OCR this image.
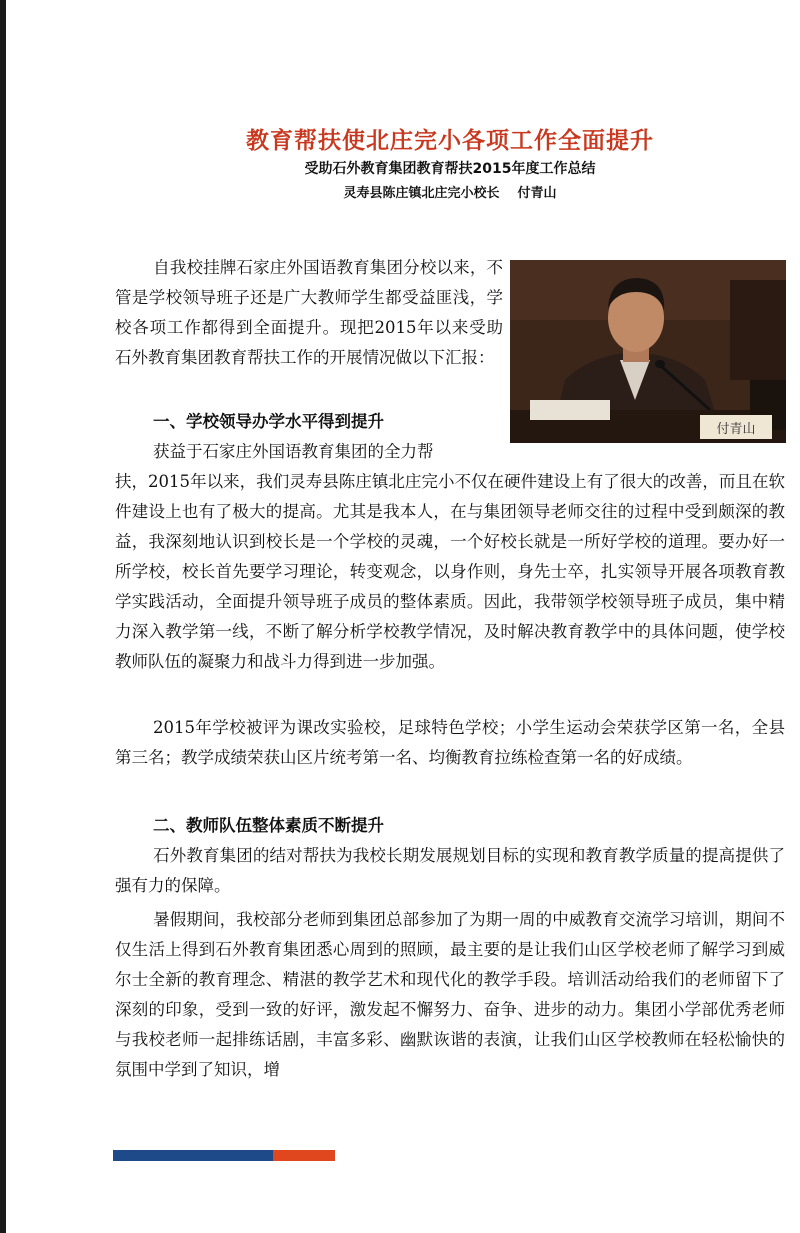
教育帮扶使北庄完小各项工作全面提升
受助石外教育集团教育帮扶2015年度工作总结
灵寿县陈庄镇北庄完小校长 付青山
付青山

自我校挂牌石家庄外国语教育集团分校以来，不管是学校领导班子还是广大教师学生都受益匪浅，学校各项工作都得到全面提升。现把2015年以来受助石外教育集团教育帮扶工作的开展情况做以下汇报：

一、学校领导办学水平得到提升

获益于石家庄外国语教育集团的全力帮

扶，2015年以来，我们灵寿县陈庄镇北庄完小不仅在硬件建设上有了很大的改善，而且在软件建设上也有了极大的提高。尤其是我本人，在与集团领导老师交往的过程中受到颇深的教益，我深刻地认识到校长是一个学校的灵魂，一个好校长就是一所好学校的道理。要办好一所学校，校长首先要学习理论，转变观念，以身作则，身先士卒，扎实领导开展各项教育教学实践活动，全面提升领导班子成员的整体素质。因此，我带领学校领导班子成员，集中精力深入教学第一线，不断了解分析学校教学情况，及时解决教育教学中的具体问题，使学校教师队伍的凝聚力和战斗力得到进一步加强。

2015年学校被评为课改实验校，足球特色学校；小学生运动会荣获学区第一名，全县第三名；教学成绩荣获山区片统考第一名、均衡教育拉练检查第一名的好成绩。

二、教师队伍整体素质不断提升

石外教育集团的结对帮扶为我校长期发展规划目标的实现和教育教学质量的提高提供了强有力的保障。

暑假期间，我校部分老师到集团总部参加了为期一周的中威教育交流学习培训，期间不仅生活上得到石外教育集团悉心周到的照顾，最主要的是让我们山区学校老师了解学习到威尔士全新的教育理念、精湛的教学艺术和现代化的教学手段。培训活动给我们的老师留下了深刻的印象，受到一致的好评，激发起不懈努力、奋争、进步的动力。集团小学部优秀老师与我校老师一起排练话剧，丰富多彩、幽默诙谐的表演，让我们山区学校教师在轻松愉快的氛围中学到了知识，增
